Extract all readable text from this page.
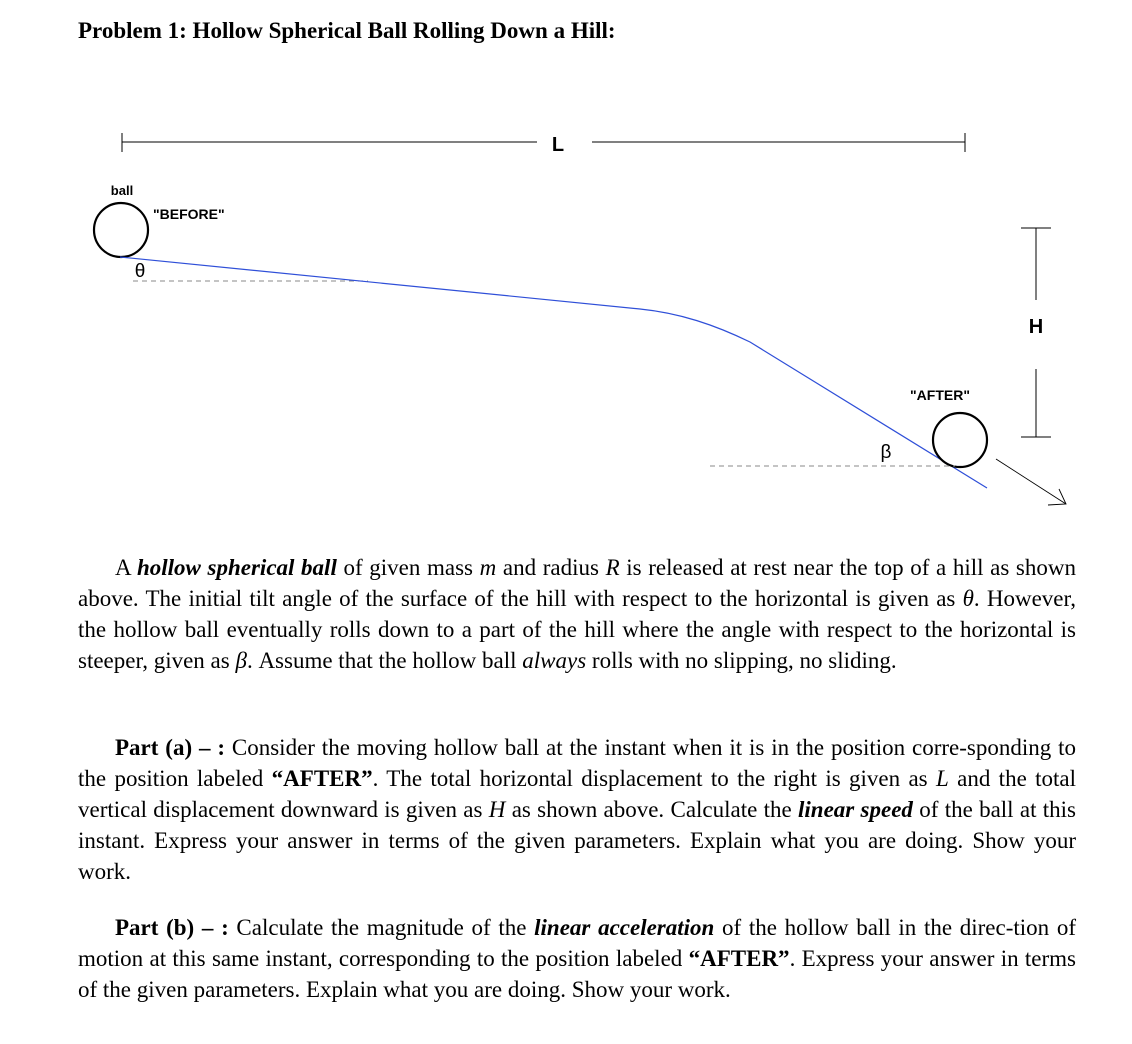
Problem 1: Hollow Spherical Ball Rolling Down a Hill:
L
ball
"BEFORE"
θ
H
"AFTER"
β

A hollow spherical ball of given mass m and radius R is released at rest near the top of a hill as shown above. The initial tilt angle of the surface of the hill with respect to the horizontal is given as θ. However, the hollow ball eventually rolls down to a part of the hill where the angle with respect to the horizontal is steeper, given as β. Assume that the hollow ball always rolls with no slipping, no sliding.

Part (a) – : Consider the moving hollow ball at the instant when it is in the position corre-sponding to the position labeled “AFTER”. The total horizontal displacement to the right is given as L and the total vertical displacement downward is given as H as shown above. Calculate the linear speed of the ball at this instant. Express your answer in terms of the given parameters. Explain what you are doing. Show your work.

Part (b) – : Calculate the magnitude of the linear acceleration of the hollow ball in the direc-tion of motion at this same instant, corresponding to the position labeled “AFTER”. Express your answer in terms of the given parameters. Explain what you are doing. Show your work.
